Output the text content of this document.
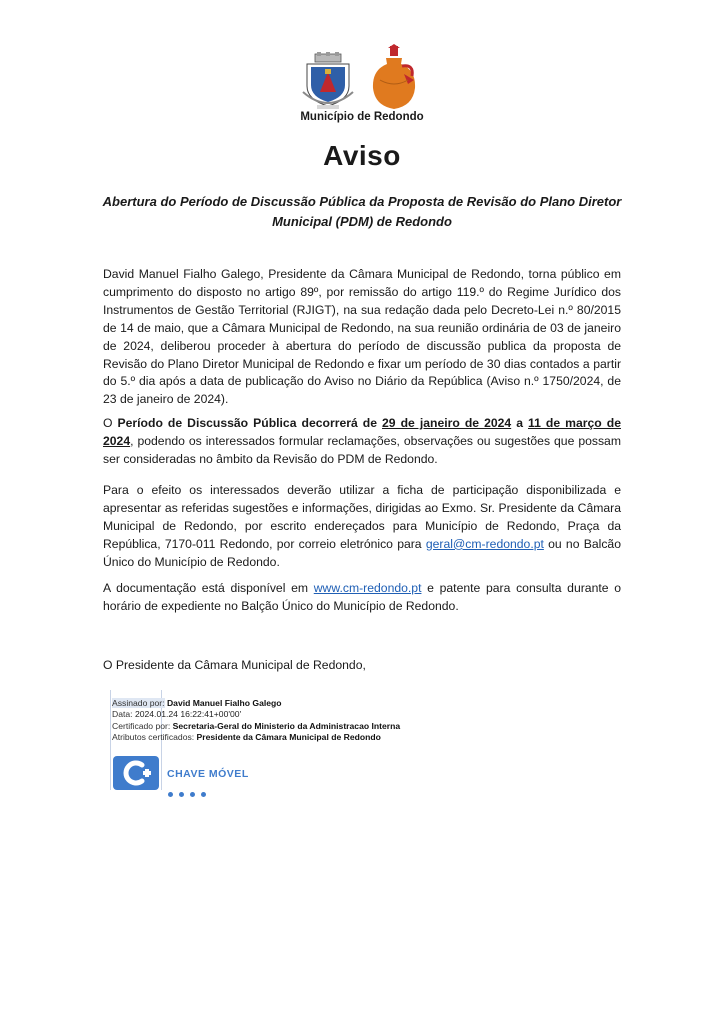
Município de Redondo
Aviso
Abertura do Período de Discussão Pública da Proposta de Revisão do Plano Diretor
Municipal (PDM) de Redondo
David Manuel Fialho Galego, Presidente da Câmara Municipal de Redondo, torna público em cumprimento do disposto no artigo 89º, por remissão do artigo 119.º do Regime Jurídico dos Instrumentos de Gestão Territorial (RJIGT), na sua redação dada pelo Decreto-Lei n.º 80/2015 de 14 de maio, que a Câmara Municipal de Redondo, na sua reunião ordinária de 03 de janeiro de 2024, deliberou proceder à abertura do período de discussão publica da proposta de Revisão do Plano Diretor Municipal de Redondo e fixar um período de 30 dias contados a partir do 5.º dia após a data de publicação do Aviso no Diário da República (Aviso n.º 1750/2024, de 23 de janeiro de 2024).
O Período de Discussão Pública decorrerá de 29 de janeiro de 2024 a 11 de março de 2024, podendo os interessados formular reclamações, observações ou sugestões que possam ser consideradas no âmbito da Revisão do PDM de Redondo.
Para o efeito os interessados deverão utilizar a ficha de participação disponibilizada e apresentar as referidas sugestões e informações, dirigidas ao Exmo. Sr. Presidente da Câmara Municipal de Redondo, por escrito endereçados para Município de Redondo, Praça da República, 7170-011 Redondo, por correio eletrónico para geral@cm-redondo.pt ou no Balcão Único do Município de Redondo.
A documentação está disponível em www.cm-redondo.pt e patente para consulta durante o horário de expediente no Balção Único do Município de Redondo.
O Presidente da Câmara Municipal de Redondo,
Assinado por: David Manuel Fialho Galego
Data: 2024.01.24 16:22:41+00'00'
Certificado por: Secretaria-Geral do Ministerio da Administracao Interna
Atributos certificados: Presidente da Câmara Municipal de Redondo
CHAVE MÓVEL
